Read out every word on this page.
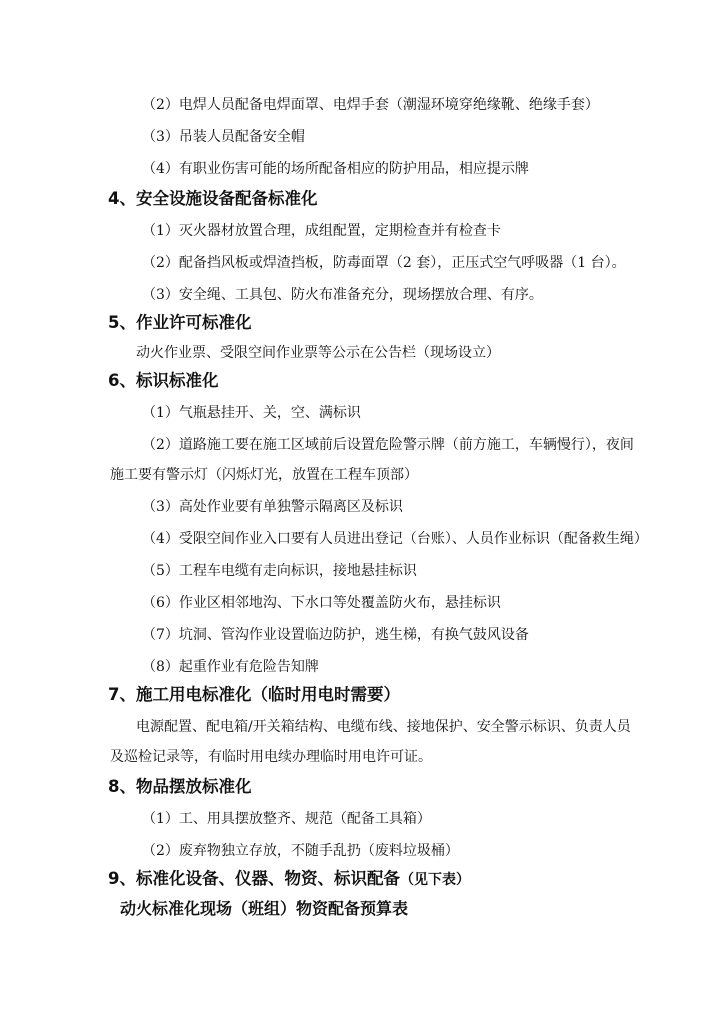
（2）电焊人员配备电焊面罩、电焊手套（潮湿环境穿绝缘靴、绝缘手套）
（3）吊装人员配备安全帽
（4）有职业伤害可能的场所配备相应的防护用品，相应提示牌
4、安全设施设备配备标准化
（1）灭火器材放置合理，成组配置，定期检查并有检查卡
（2）配备挡风板或焊渣挡板，防毒面罩（2 套），正压式空气呼吸器（1 台）。
（3）安全绳、工具包、防火布准备充分，现场摆放合理、有序。
5、作业许可标准化
动火作业票、受限空间作业票等公示在公告栏（现场设立）
6、标识标准化
（1）气瓶悬挂开、关，空、满标识
（2）道路施工要在施工区域前后设置危险警示牌（前方施工，车辆慢行），夜间
施工要有警示灯（闪烁灯光，放置在工程车顶部）
（3）高处作业要有单独警示隔离区及标识
（4）受限空间作业入口要有人员进出登记（台账）、人员作业标识（配备救生绳）
（5）工程车电缆有走向标识，接地悬挂标识
（6）作业区相邻地沟、下水口等处覆盖防火布，悬挂标识
（7）坑洞、管沟作业设置临边防护，逃生梯，有换气鼓风设备
（8）起重作业有危险告知牌
7、施工用电标准化（临时用电时需要）
电源配置、配电箱/开关箱结构、电缆布线、接地保护、安全警示标识、负责人员
及巡检记录等，有临时用电续办理临时用电许可证。
8、物品摆放标准化
（1）工、用具摆放整齐、规范（配备工具箱）
（2）废弃物独立存放，不随手乱扔（废料垃圾桶）
9、标准化设备、仪器、物资、标识配备（见下表）
动火标准化现场（班组）物资配备预算表
